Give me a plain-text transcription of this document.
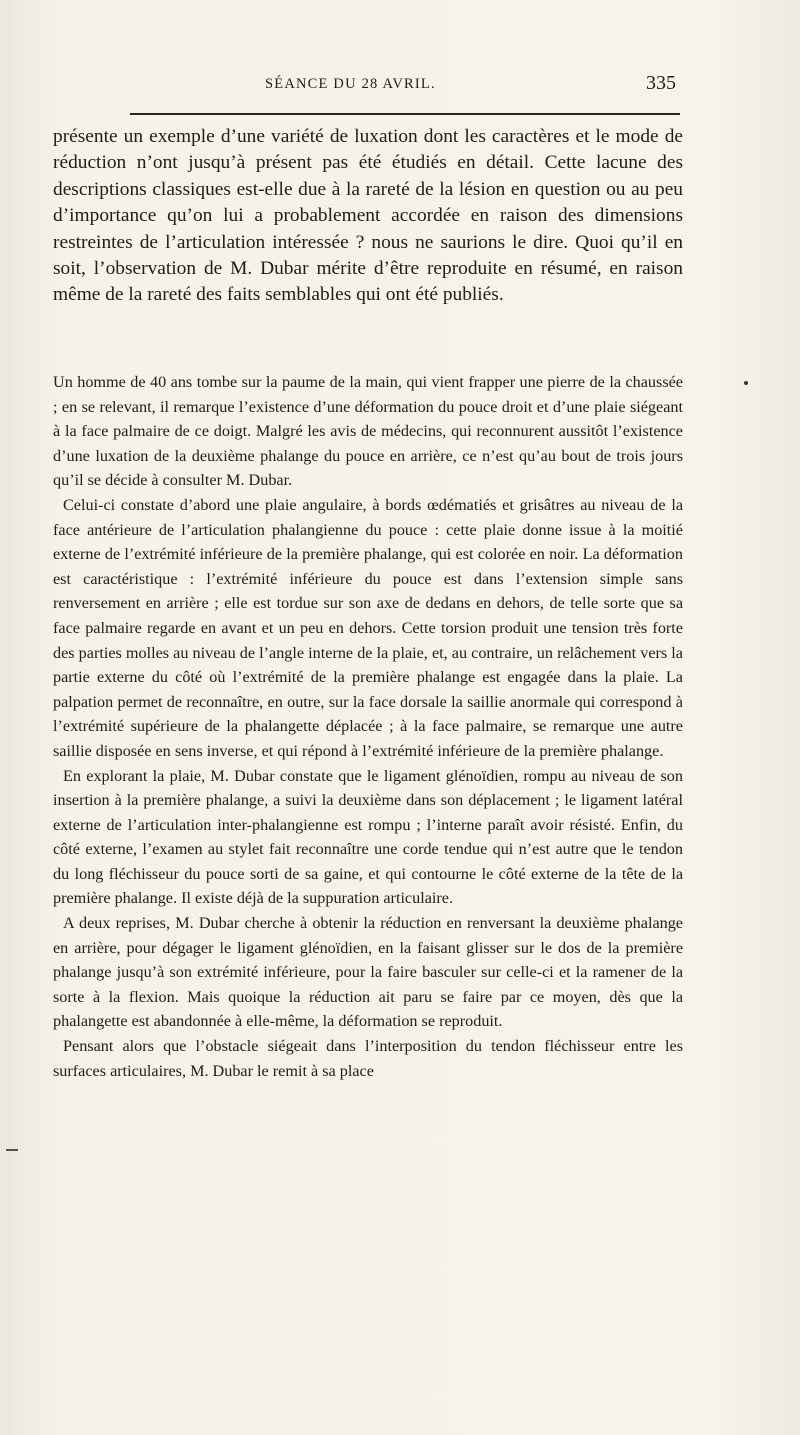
SÉANCE DU 28 AVRIL.	335

présente un exemple d’une variété de luxation dont les caractères et le mode de réduction n’ont jusqu’à présent pas été étudiés en détail. Cette lacune des descriptions classiques est-elle due à la rareté de la lésion en question ou au peu d’importance qu’on lui a probablement accordée en raison des dimensions restreintes de l’articulation intéressée ? nous ne saurions le dire. Quoi qu’il en soit, l’observation de M. Dubar mérite d’être reproduite en résumé, en raison même de la rareté des faits semblables qui ont été publiés.

Un homme de 40 ans tombe sur la paume de la main, qui vient frapper une pierre de la chaussée ; en se relevant, il remarque l’existence d’une déformation du pouce droit et d’une plaie siégeant à la face palmaire de ce doigt. Malgré les avis de médecins, qui reconnurent aussitôt l’existence d’une luxation de la deuxième phalange du pouce en arrière, ce n’est qu’au bout de trois jours qu’il se décide à consulter M. Dubar.

Celui-ci constate d’abord une plaie angulaire, à bords œdématiés et grisâtres au niveau de la face antérieure de l’articulation phalangienne du pouce : cette plaie donne issue à la moitié externe de l’extrémité inférieure de la première phalange, qui est colorée en noir. La déformation est caractéristique : l’extrémité inférieure du pouce est dans l’extension simple sans renversement en arrière ; elle est tordue sur son axe de dedans en dehors, de telle sorte que sa face palmaire regarde en avant et un peu en dehors. Cette torsion produit une tension très forte des parties molles au niveau de l’angle interne de la plaie, et, au contraire, un relâchement vers la partie externe du côté où l’extrémité de la première phalange est engagée dans la plaie. La palpation permet de reconnaître, en outre, sur la face dorsale la saillie anormale qui correspond à l’extrémité supérieure de la phalangette déplacée ; à la face palmaire, se remarque une autre saillie disposée en sens inverse, et qui répond à l’extrémité inférieure de la première phalange.

En explorant la plaie, M. Dubar constate que le ligament glénoïdien, rompu au niveau de son insertion à la première phalange, a suivi la deuxième dans son déplacement ; le ligament latéral externe de l’articulation inter-phalangienne est rompu ; l’interne paraît avoir résisté. Enfin, du côté externe, l’examen au stylet fait reconnaître une corde tendue qui n’est autre que le tendon du long fléchisseur du pouce sorti de sa gaine, et qui contourne le côté externe de la tête de la première phalange. Il existe déjà de la suppuration articulaire.

A deux reprises, M. Dubar cherche à obtenir la réduction en renversant la deuxième phalange en arrière, pour dégager le ligament glénoïdien, en la faisant glisser sur le dos de la première phalange jusqu’à son extrémité inférieure, pour la faire basculer sur celle-ci et la ramener de la sorte à la flexion. Mais quoique la réduction ait paru se faire par ce moyen, dès que la phalangette est abandonnée à elle-même, la déformation se reproduit.

Pensant alors que l’obstacle siégeait dans l’interposition du tendon fléchisseur entre les surfaces articulaires, M. Dubar le remit à sa place
